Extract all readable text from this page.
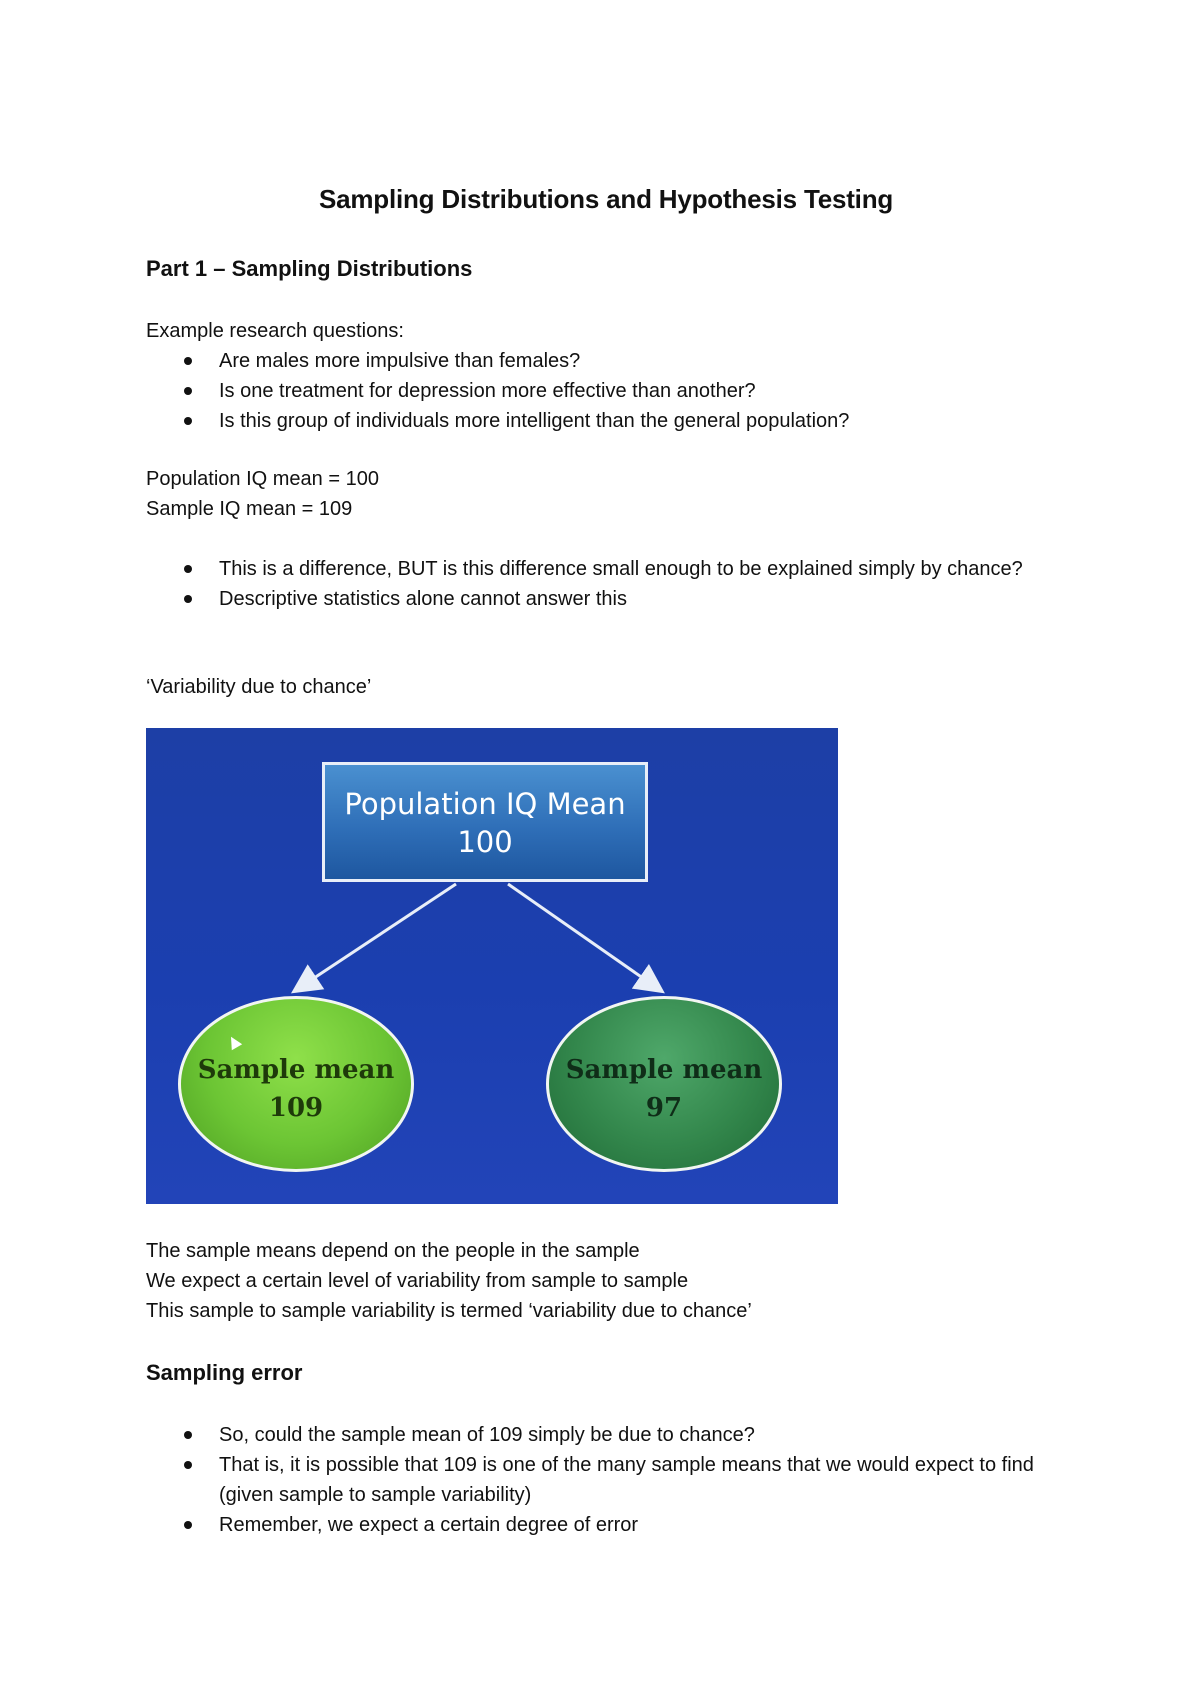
Sampling Distributions and Hypothesis Testing
Part 1 – Sampling Distributions

Example research questions:

Are males more impulsive than females?
Is one treatment for depression more effective than another?
Is this group of individuals more intelligent than the general population?

Population IQ mean = 100

Sample IQ mean = 109

This is a difference, BUT is this difference small enough to be explained simply by chance?
Descriptive statistics alone cannot answer this

‘Variability due to chance’

Population IQ Mean
100
Sample mean
109
Sample mean
97

The sample means depend on the people in the sample

We expect a certain level of variability from sample to sample

This sample to sample variability is termed ‘variability due to chance’

Sampling error
So, could the sample mean of 109 simply be due to chance?
That is, it is possible that 109 is one of the many sample means that we would expect to find (given sample to sample variability)
Remember, we expect a certain degree of error
